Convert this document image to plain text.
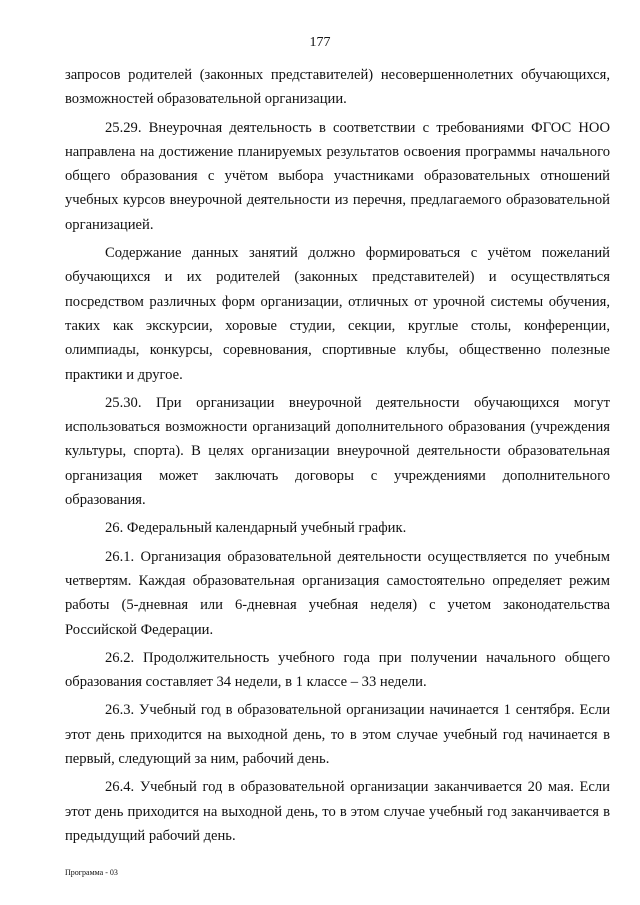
177

запросов родителей (законных представителей) несовершеннолетних обучающихся, возможностей образовательной организации.

25.29. Внеурочная деятельность в соответствии с требованиями ФГОС НОО направлена на достижение планируемых результатов освоения программы начального общего образования с учётом выбора участниками образовательных отношений учебных курсов внеурочной деятельности из перечня, предлагаемого образовательной организацией.

Содержание данных занятий должно формироваться с учётом пожеланий обучающихся и их родителей (законных представителей) и осуществляться посредством различных форм организации, отличных от урочной системы обучения, таких как экскурсии, хоровые студии, секции, круглые столы, конференции, олимпиады, конкурсы, соревнования, спортивные клубы, общественно полезные практики и другое.

25.30. При организации внеурочной деятельности обучающихся могут использоваться возможности организаций дополнительного образования (учреждения культуры, спорта). В целях организации внеурочной деятельности образовательная организация может заключать договоры с учреждениями дополнительного образования.

26. Федеральный календарный учебный график.

26.1. Организация образовательной деятельности осуществляется по учебным четвертям. Каждая образовательная организация самостоятельно определяет режим работы (5-дневная или 6-дневная учебная неделя) с учетом законодательства Российской Федерации.

26.2. Продолжительность учебного года при получении начального общего образования составляет 34 недели, в 1 классе – 33 недели.

26.3. Учебный год в образовательной организации начинается 1 сентября. Если этот день приходится на выходной день, то в этом случае учебный год начинается в первый, следующий за ним, рабочий день.

26.4. Учебный год в образовательной организации заканчивается 20 мая. Если этот день приходится на выходной день, то в этом случае учебный год заканчивается в предыдущий рабочий день.

Программа - 03
